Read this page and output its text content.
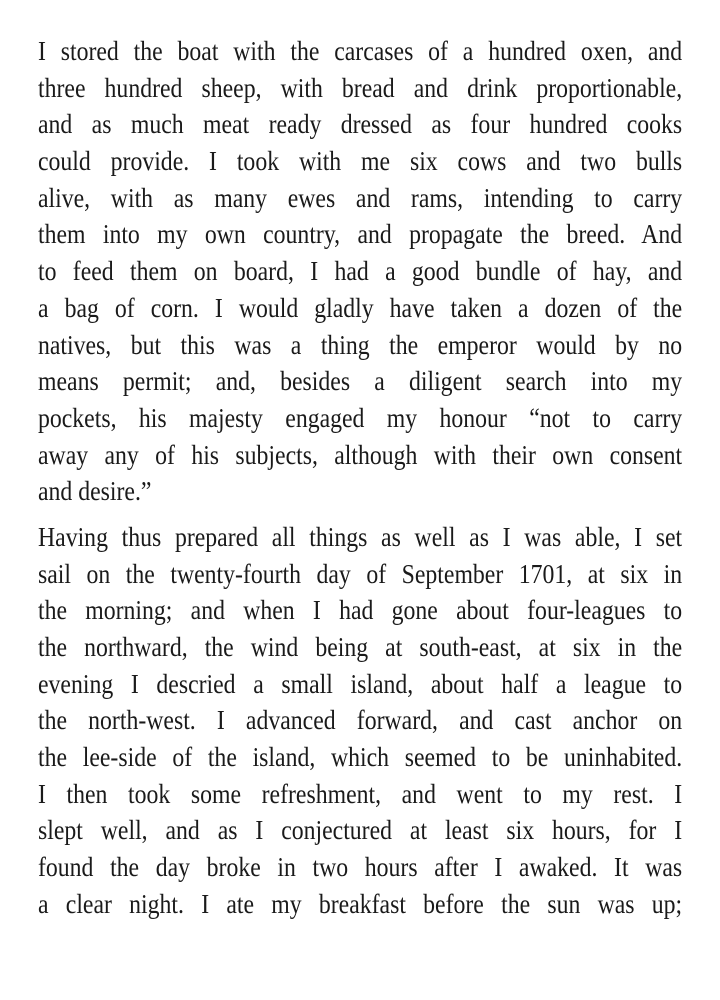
I stored the boat with the carcases of a hundred oxen, and
three hundred sheep, with bread and drink proportionable,
and as much meat ready dressed as four hundred cooks
could provide. I took with me six cows and two bulls
alive, with as many ewes and rams, intending to carry
them into my own country, and propagate the breed. And
to feed them on board, I had a good bundle of hay, and
a bag of corn. I would gladly have taken a dozen of the
natives, but this was a thing the emperor would by no
means permit; and, besides a diligent search into my
pockets, his majesty engaged my honour “not to carry
away any of his subjects, although with their own consent
and desire.”

Having thus prepared all things as well as I was able, I set
sail on the twenty-fourth day of September 1701, at six in
the morning; and when I had gone about four-leagues to
the northward, the wind being at south-east, at six in the
evening I descried a small island, about half a league to
the north-west. I advanced forward, and cast anchor on
the lee-side of the island, which seemed to be uninhabited.
I then took some refreshment, and went to my rest. I
slept well, and as I conjectured at least six hours, for I
found the day broke in two hours after I awaked. It was
a clear night. I ate my breakfast before the sun was up;
